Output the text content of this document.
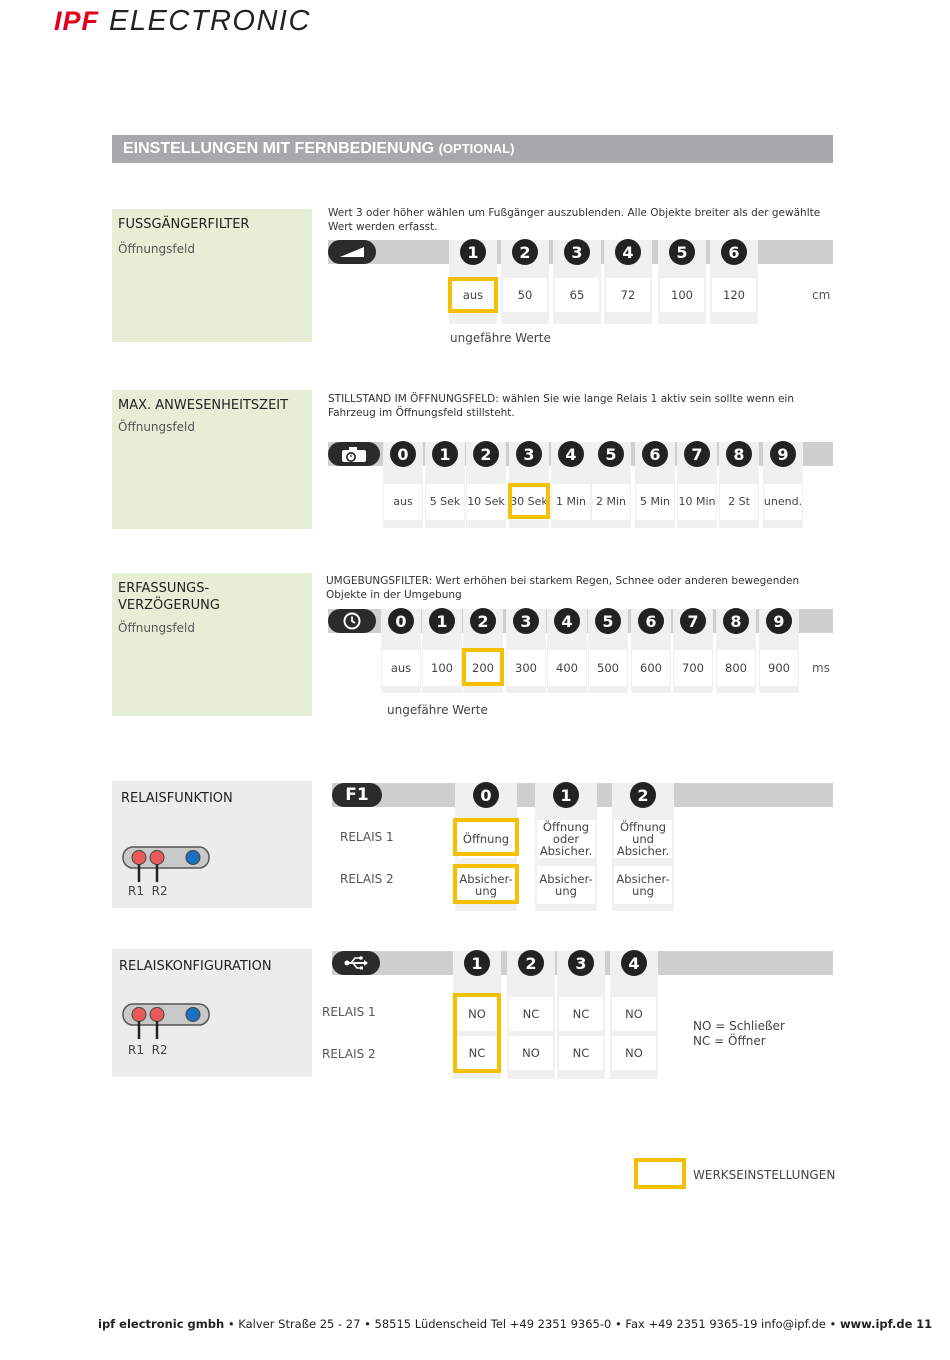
IPF ELECTRONIC
EINSTELLUNGEN MIT FERNBEDIENUNG (OPTIONAL)
FUSSGÄNGERFILTER
Öffnungsfeld
Wert 3 oder höher wählen um Fußgänger auszublenden. Alle Objekte breiter als der gewählte Wert werden erfasst.
1
aus
2
50
3
65
4
72
5
100
6
120	cm
ungefähre Werte
MAX. ANWESENHEITSZEIT
Öffnungsfeld
STILLSTAND IM ÖFFNUNGSFELD: wählen Sie wie lange Relais 1 aktiv sein sollte wenn ein Fahrzeug im Öffnungsfeld stillsteht.
0
aus
1
5 Sek
2
10 Sek
3
30 Sek
4
1 Min
5
2 Min
6
5 Min
7
10 Min
8
2 St
9
unend.
ERFASSUNGS-
VERZÖGERUNG
Öffnungsfeld
UMGEBUNGSFILTER: Wert erhöhen bei starkem Regen, Schnee oder anderen bewegenden Objekte in der Umgebung
0
aus
1
100
2
200
3
300
4
400
5
500
6
600
7
700
8
800
9
900	ms
ungefähre Werte
RELAISFUNKTION
R1  R2
F1
RELAIS 1
RELAIS 2
0
Öffnung
Absicher-ung
1
Öffnung oder Absicher.
Absicher-ung
2
Öffnung und Absicher.
Absicher-ung
RELAISKONFIGURATION
R1  R2
RELAIS 1
RELAIS 2
1
NO
NC
2
NC
NO
3
NC
NC
4
NO
NO
NO = Schließer
NC = Öffner
WERKSEINSTELLUNGEN
ipf electronic gmbh • Kalver Straße 25 - 27 • 58515 Lüdenscheid Tel +49 2351 9365-0 • Fax +49 2351 9365-19 info@ipf.de • www.ipf.de 11
